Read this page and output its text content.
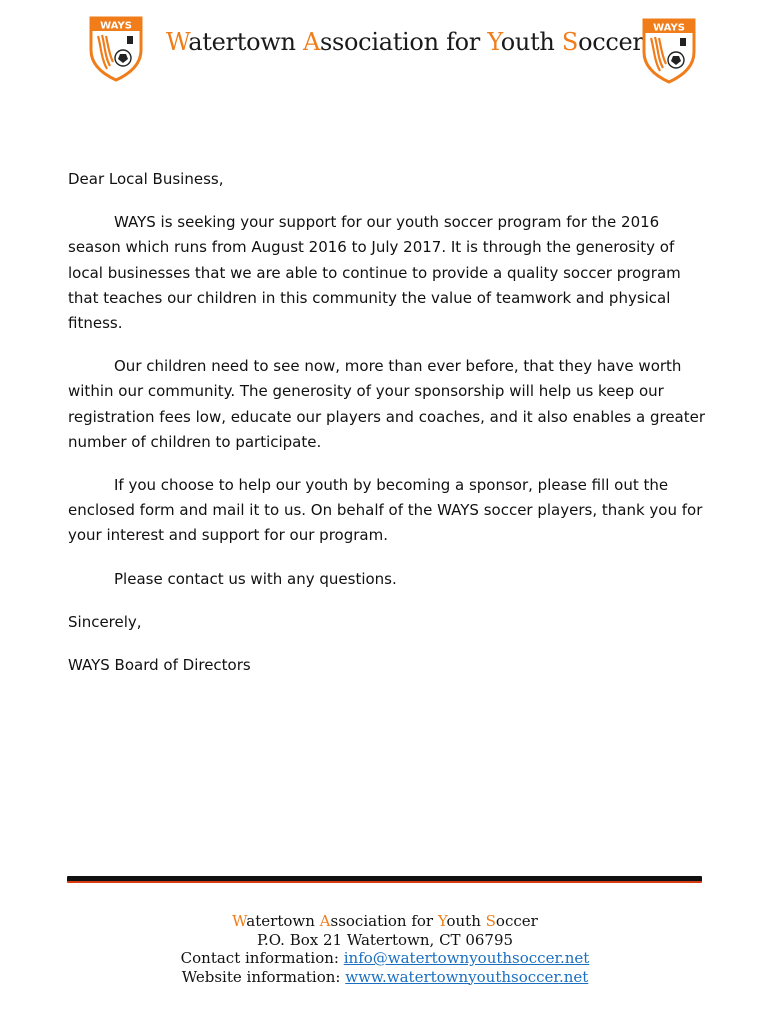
WAYS
Watertown Association for Youth Soccer WAYS

Dear Local Business,

WAYS is seeking your support for our youth soccer program for the 2016 season which runs from August 2016 to July 2017. It is through the generosity of local businesses that we are able to continue to provide a quality soccer program that teaches our children in this community the value of teamwork and physical fitness.

Our children need to see now, more than ever before, that they have worth within our community. The generosity of your sponsorship will help us keep our registration fees low, educate our players and coaches, and it also enables a greater number of children to participate.

If you choose to help our youth by becoming a sponsor, please fill out the enclosed form and mail it to us. On behalf of the WAYS soccer players, thank you for your interest and support for our program.

Please contact us with any questions.

Sincerely,

WAYS Board of Directors

Watertown Association for Youth Soccer
P.O. Box 21 Watertown, CT 06795
Contact information: info@watertownyouthsoccer.net
Website information: www.watertownyouthsoccer.net
